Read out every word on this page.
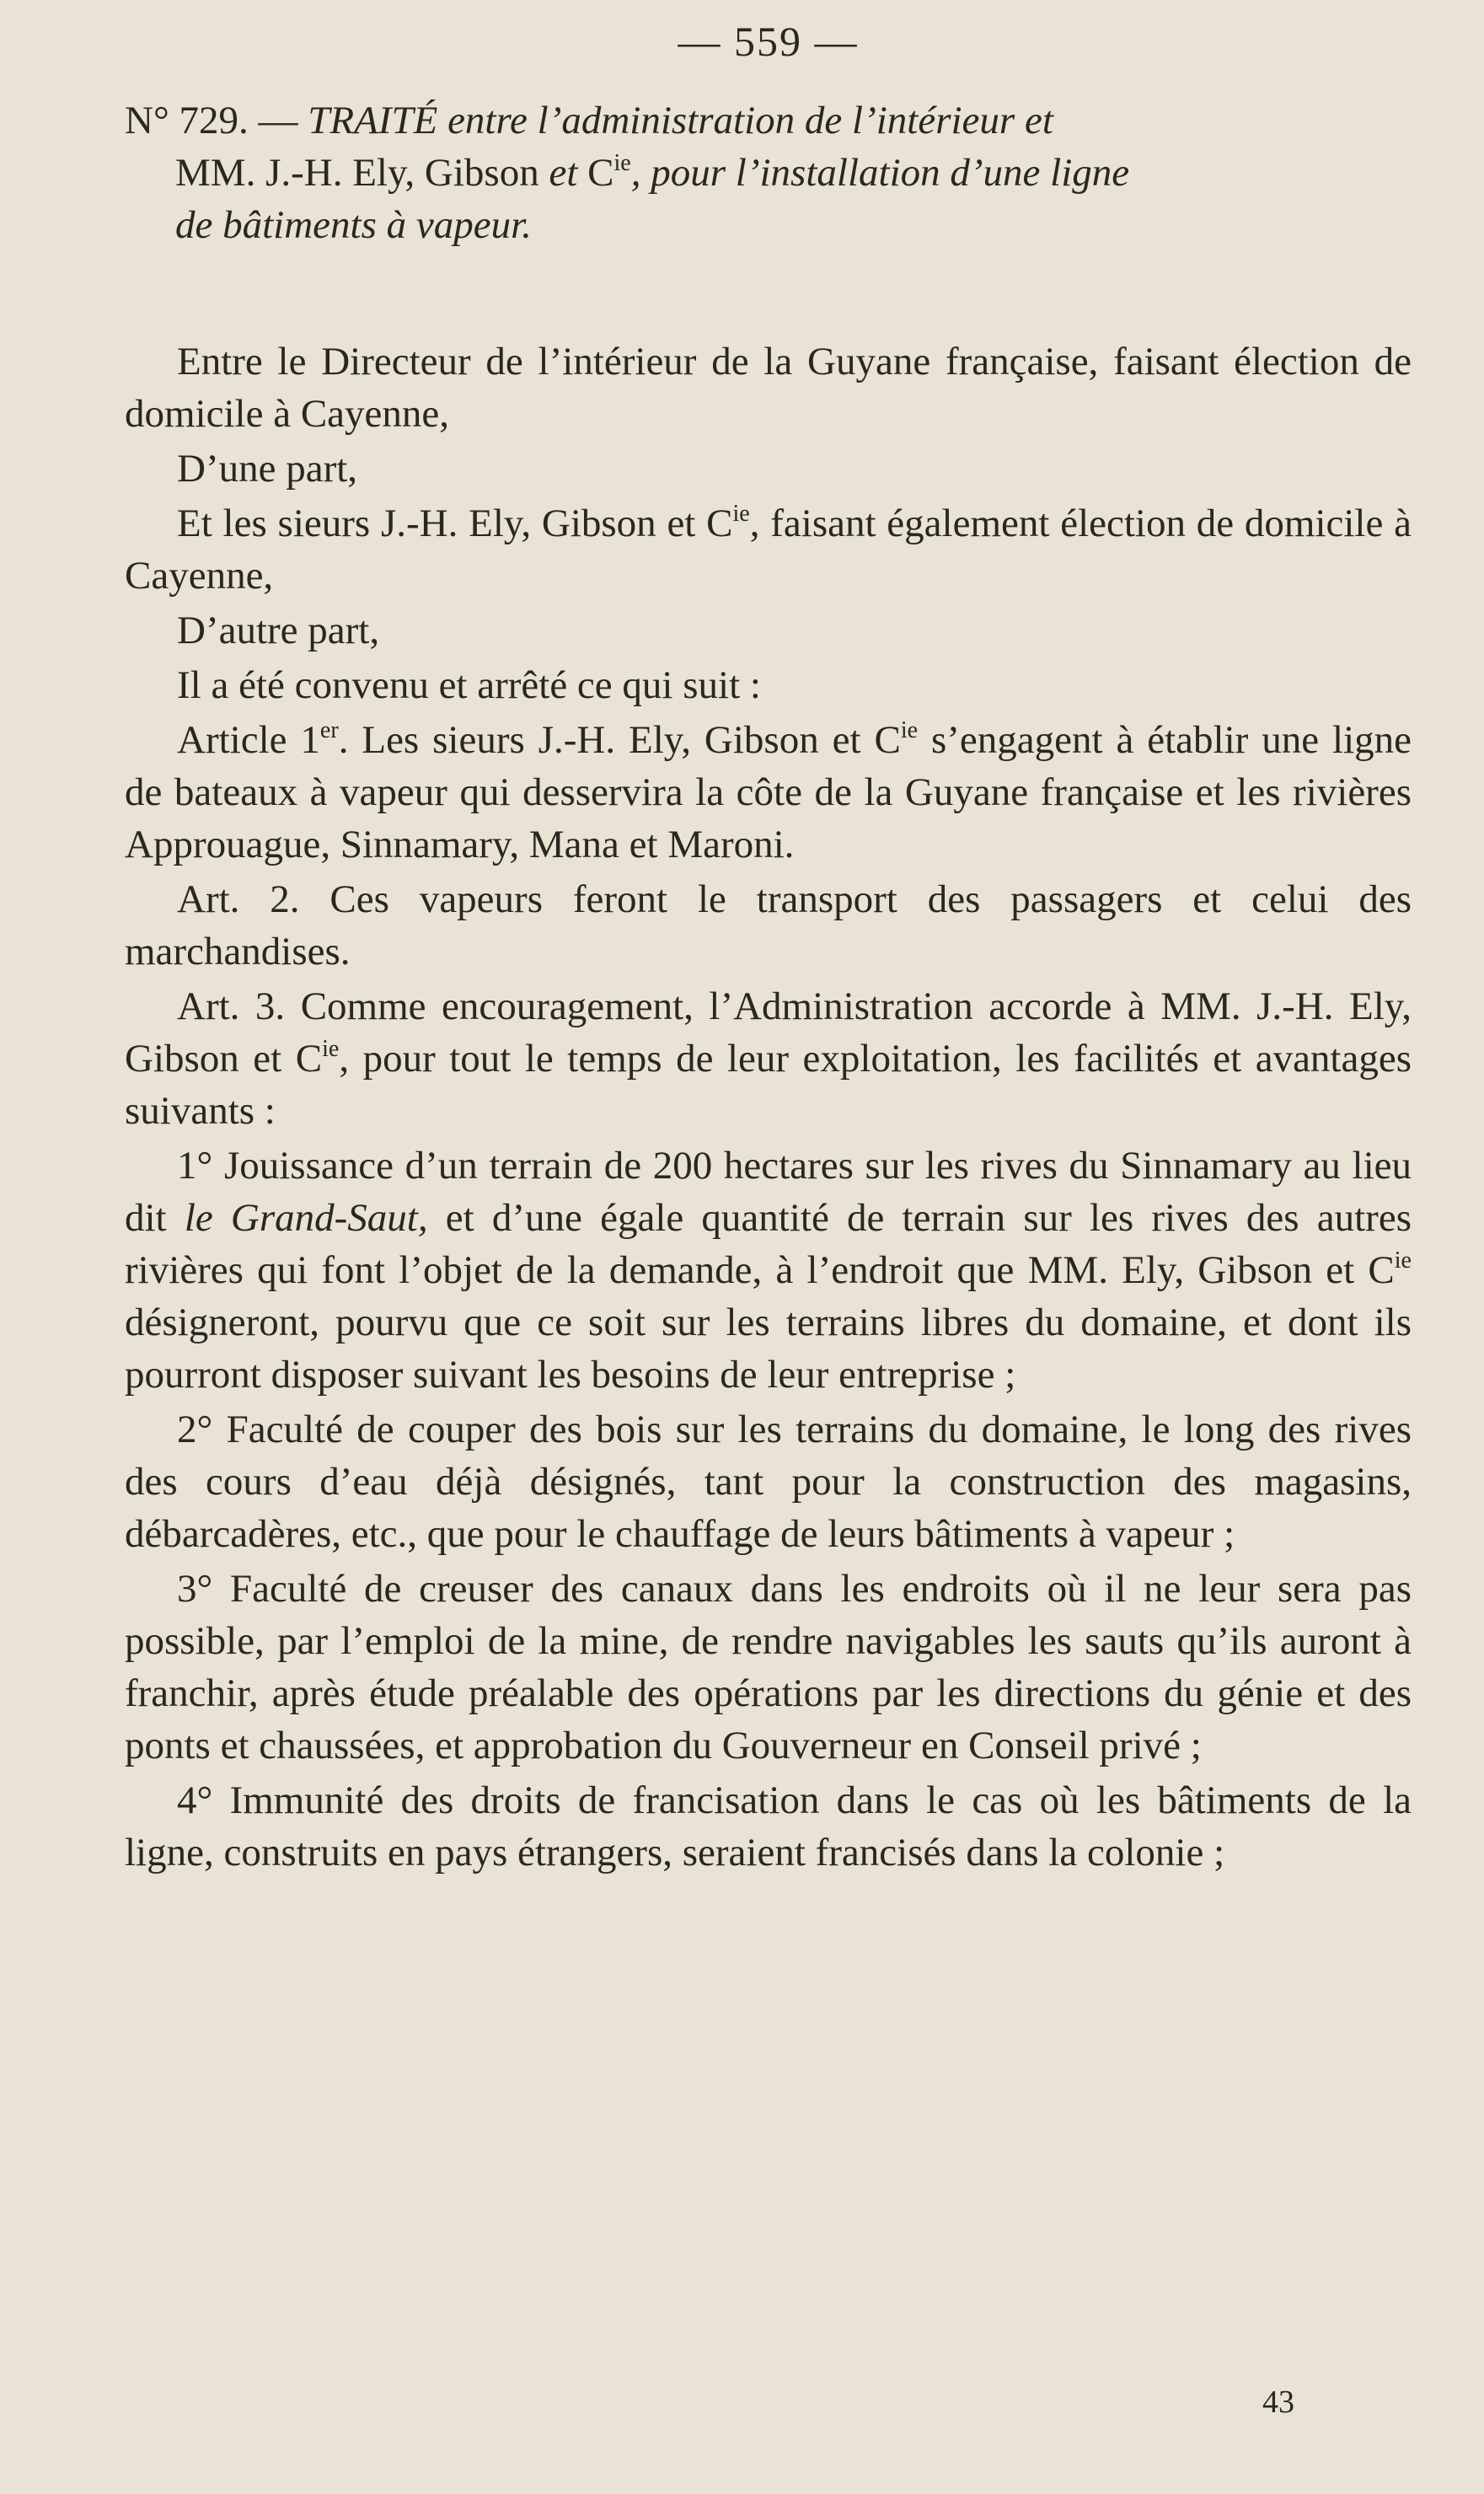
— 559 —
N° 729. — TRAITÉ entre l’administration de l’intérieur et
MM. J.-H. Ely, Gibson et $C^{ie}$, pour l’installation d’une ligne
de bâtiments à vapeur.

Entre le Directeur de l’intérieur de la Guyane française, faisant élection de domicile à Cayenne,

D’une part,

Et les sieurs J.-H. Ely, Gibson et $C^{ie}$, faisant également élection de domicile à Cayenne,

D’autre part,

Il a été convenu et arrêté ce qui suit :

Article 1er. Les sieurs J.-H. Ely, Gibson et $C^{ie}$ s’engagent à établir une ligne de bateaux à vapeur qui desservira la côte de la Guyane française et les rivières Approuague, Sinnamary, Mana et Maroni.

Art. 2. Ces vapeurs feront le transport des passagers et celui des marchandises.

Art. 3. Comme encouragement, l’Administration accorde à MM. J.-H. Ely, Gibson et $C^{ie}$, pour tout le temps de leur exploitation, les facilités et avantages suivants :

1° Jouissance d’un terrain de 200 hectares sur les rives du Sinnamary au lieu dit le Grand-Saut, et d’une égale quantité de terrain sur les rives des autres rivières qui font l’objet de la demande, à l’endroit que MM. Ely, Gibson et $C^{ie}$ désigneront, pourvu que ce soit sur les terrains libres du domaine, et dont ils pourront disposer suivant les besoins de leur entreprise ;

2° Faculté de couper des bois sur les terrains du domaine, le long des rives des cours d’eau déjà désignés, tant pour la construction des magasins, débarcadères, etc., que pour le chauffage de leurs bâtiments à vapeur ;

3° Faculté de creuser des canaux dans les endroits où il ne leur sera pas possible, par l’emploi de la mine, de rendre navigables les sauts qu’ils auront à franchir, après étude préalable des opérations par les directions du génie et des ponts et chaussées, et approbation du Gouverneur en Conseil privé ;

4° Immunité des droits de francisation dans le cas où les bâtiments de la ligne, construits en pays étrangers, seraient francisés dans la colonie ;

43
